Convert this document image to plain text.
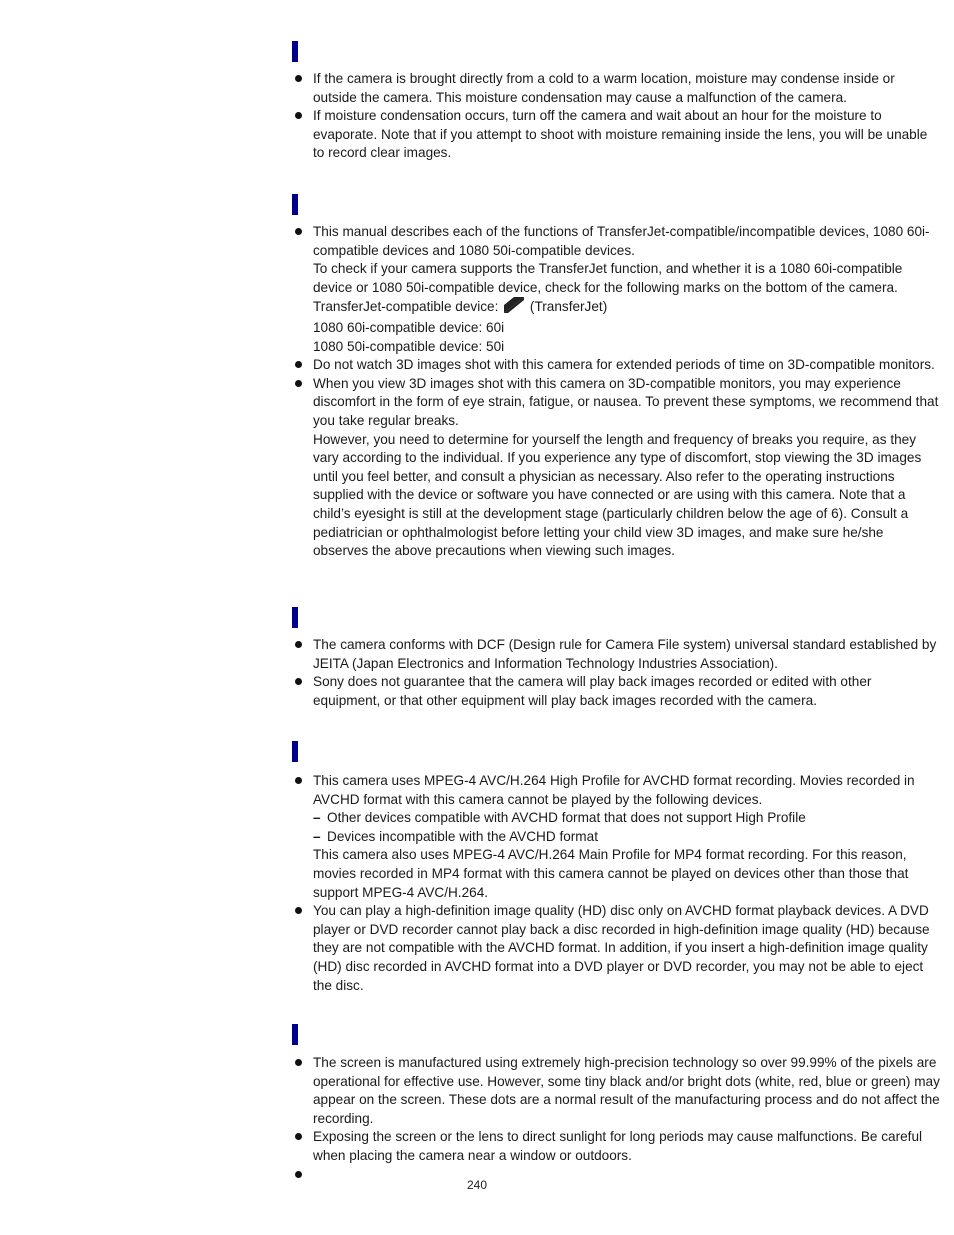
If the camera is brought directly from a cold to a warm location, moisture may condense inside or outside the camera. This moisture condensation may cause a malfunction of the camera.
If moisture condensation occurs, turn off the camera and wait about an hour for the moisture to evaporate. Note that if you attempt to shoot with moisture remaining inside the lens, you will be unable to record clear images.
This manual describes each of the functions of TransferJet-compatible/incompatible devices, 1080 60i-compatible devices and 1080 50i-compatible devices.
To check if your camera supports the TransferJet function, and whether it is a 1080 60i-compatible device or 1080 50i-compatible device, check for the following marks on the bottom of the camera.
TransferJet-compatible device: (TransferJet)
1080 60i-compatible device: 60i
1080 50i-compatible device: 50i
Do not watch 3D images shot with this camera for extended periods of time on 3D-compatible monitors.
When you view 3D images shot with this camera on 3D-compatible monitors, you may experience discomfort in the form of eye strain, fatigue, or nausea. To prevent these symptoms, we recommend that you take regular breaks.
However, you need to determine for yourself the length and frequency of breaks you require, as they vary according to the individual. If you experience any type of discomfort, stop viewing the 3D images until you feel better, and consult a physician as necessary. Also refer to the operating instructions supplied with the device or software you have connected or are using with this camera. Note that a child’s eyesight is still at the development stage (particularly children below the age of 6). Consult a pediatrician or ophthalmologist before letting your child view 3D images, and make sure he/she observes the above precautions when viewing such images.
The camera conforms with DCF (Design rule for Camera File system) universal standard established by JEITA (Japan Electronics and Information Technology Industries Association).
Sony does not guarantee that the camera will play back images recorded or edited with other equipment, or that other equipment will play back images recorded with the camera.
This camera uses MPEG-4 AVC/H.264 High Profile for AVCHD format recording. Movies recorded in AVCHD format with this camera cannot be played by the following devices.
– Other devices compatible with AVCHD format that does not support High Profile
– Devices incompatible with the AVCHD format
This camera also uses MPEG-4 AVC/H.264 Main Profile for MP4 format recording. For this reason, movies recorded in MP4 format with this camera cannot be played on devices other than those that support MPEG-4 AVC/H.264.
You can play a high-definition image quality (HD) disc only on AVCHD format playback devices. A DVD player or DVD recorder cannot play back a disc recorded in high-definition image quality (HD) because they are not compatible with the AVCHD format. In addition, if you insert a high-definition image quality (HD) disc recorded in AVCHD format into a DVD player or DVD recorder, you may not be able to eject the disc.
The screen is manufactured using extremely high-precision technology so over 99.99% of the pixels are operational for effective use. However, some tiny black and/or bright dots (white, red, blue or green) may appear on the screen. These dots are a normal result of the manufacturing process and do not affect the recording.
Exposing the screen or the lens to direct sunlight for long periods may cause malfunctions. Be careful when placing the camera near a window or outdoors.

240
